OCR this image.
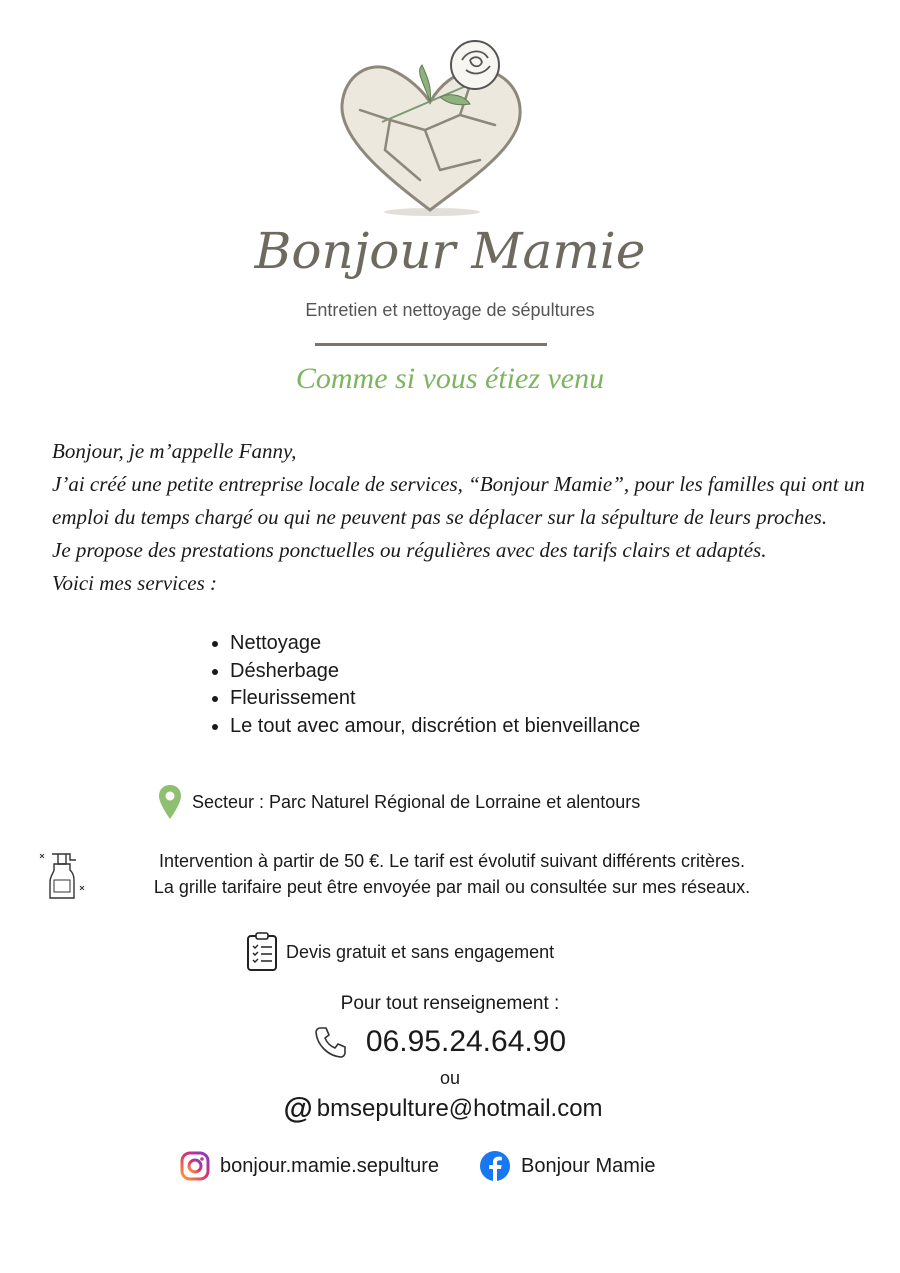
Bonjour Mamie
Entretien et nettoyage de sépultures
Comme si vous étiez venu

Bonjour, je m’appelle Fanny,

J’ai créé une petite entreprise locale de services, “Bonjour Mamie”, pour les familles qui ont un emploi du temps chargé ou qui ne peuvent pas se déplacer sur la sépulture de leurs proches.

Je propose des prestations ponctuelles ou régulières avec des tarifs clairs et adaptés.

Voici mes services :

• Nettoyage
• Désherbage
• Fleurissement
• Le tout avec amour, discrétion et bienveillance
Secteur : Parc Naturel Régional de Lorraine et alentours
Intervention à partir de 50 €. Le tarif est évolutif suivant différents critères.
La grille tarifaire peut être envoyée par mail ou consultée sur mes réseaux.
Devis gratuit et sans engagement
Pour tout renseignement :
06.95.24.64.90
ou
@ bmsepulture@hotmail.com
bonjour.mamie.sepulture	Bonjour Mamie
